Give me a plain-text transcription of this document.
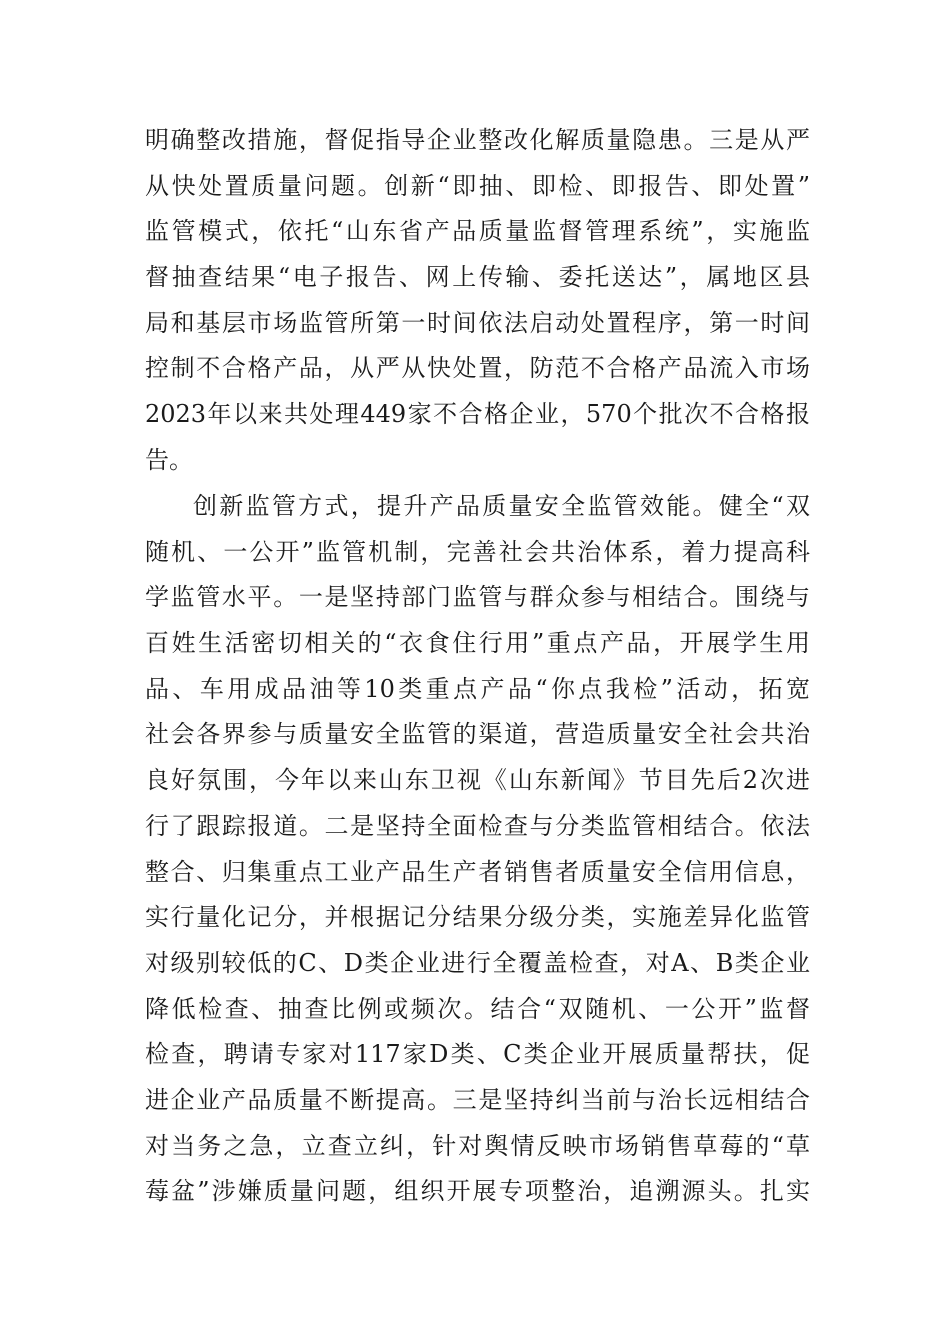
明确整改措施，督促指导企业整改化解质量隐患。三是从严
从快处置质量问题。创新“即抽、即检、即报告、即处置”
监管模式，依托“山东省产品质量监督管理系统”，实施监
督抽查结果“电子报告、网上传输、委托送达”，属地区县
局和基层市场监管所第一时间依法启动处置程序，第一时间
控制不合格产品，从严从快处置，防范不合格产品流入市场
2023年以来共处理449家不合格企业，570个批次不合格报
告。
创新监管方式，提升产品质量安全监管效能。健全“双
随机、一公开”监管机制，完善社会共治体系，着力提高科
学监管水平。一是坚持部门监管与群众参与相结合。围绕与
百姓生活密切相关的“衣食住行用”重点产品，开展学生用
品、车用成品油等10类重点产品“你点我检”活动，拓宽
社会各界参与质量安全监管的渠道，营造质量安全社会共治
良好氛围，今年以来山东卫视《山东新闻》节目先后2次进
行了跟踪报道。二是坚持全面检查与分类监管相结合。依法
整合、归集重点工业产品生产者销售者质量安全信用信息，
实行量化记分，并根据记分结果分级分类，实施差异化监管
对级别较低的C、D类企业进行全覆盖检查，对A、B类企业
降低检查、抽查比例或频次。结合“双随机、一公开”监督
检查，聘请专家对117家D类、C类企业开展质量帮扶，促
进企业产品质量不断提高。三是坚持纠当前与治长远相结合
对当务之急，立查立纠，针对舆情反映市场销售草莓的“草
莓盆”涉嫌质量问题，组织开展专项整治，追溯源头。扎实
